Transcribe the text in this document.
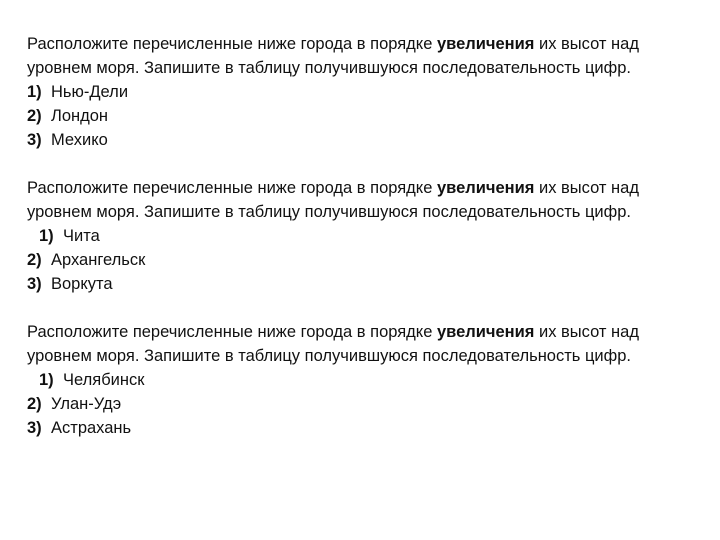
Расположите перечисленные ниже города в порядке увеличения их высот над уровнем моря. Запишите в таблицу получившуюся последовательность цифр.

1) Нью-Дели
2) Лондон
3) Мехико

Расположите перечисленные ниже города в порядке увеличения их высот над уровнем моря. Запишите в таблицу получившуюся последовательность цифр.

1) Чита
2) Архангельск
3) Воркута

Расположите перечисленные ниже города в порядке увеличения их высот над уровнем моря. Запишите в таблицу получившуюся последовательность цифр.

1) Челябинск
2) Улан-Удэ
3) Астрахань
